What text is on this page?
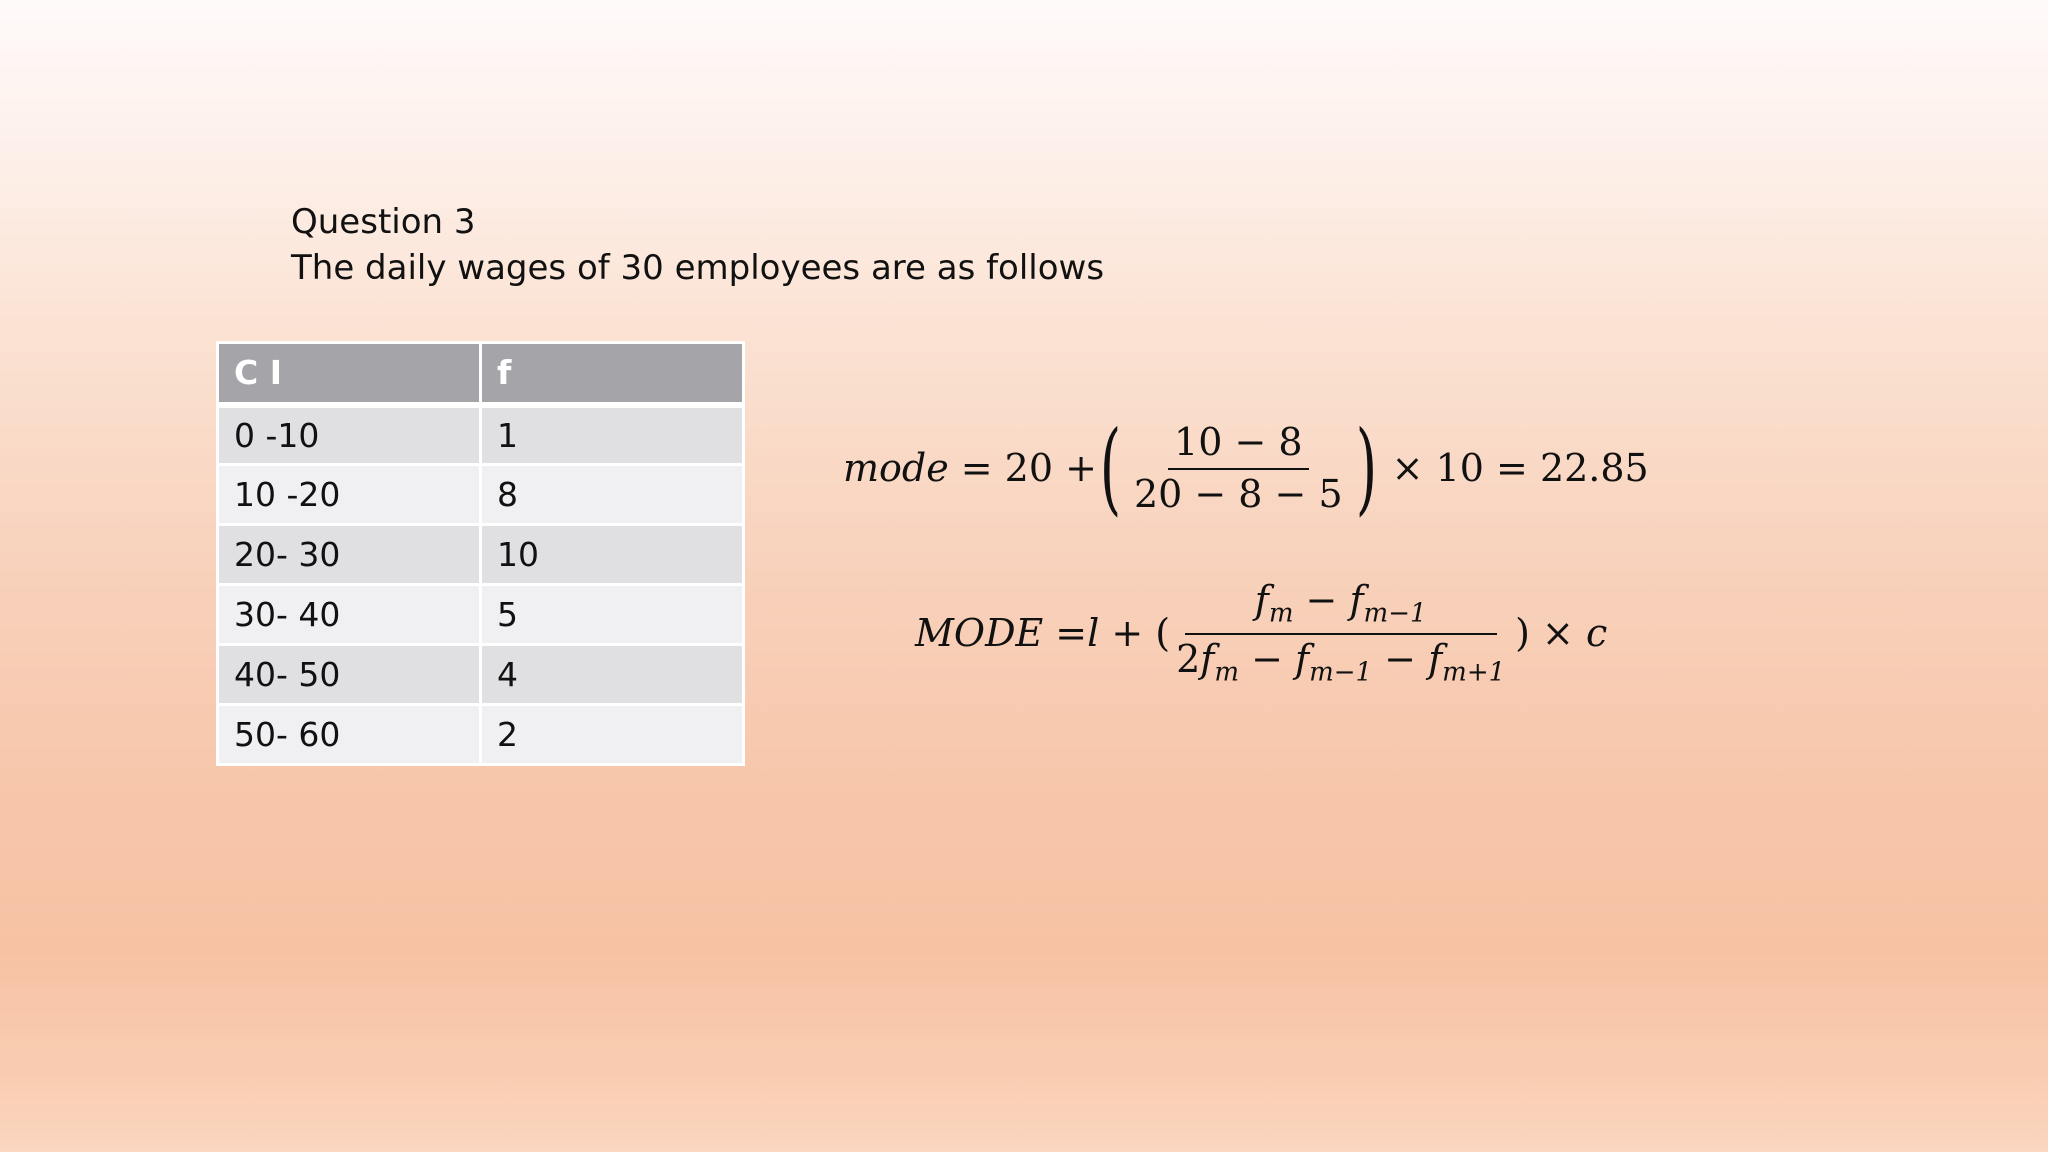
Question 3
The daily wages of 30 employees are as follows
C I	f
0 -10	1
10 -20	8
20- 30	10
30- 40	5
40- 50	4
50- 60	2
mode = 20 + ( $\frac{10 - 8}{20 - 8 - 5}$ ) × 10 = 22.85
MODE = l + ( $\frac{f_m - f_{m-1}}{2f_m - f_{m-1} - f_{m+1}}$ ) × c
